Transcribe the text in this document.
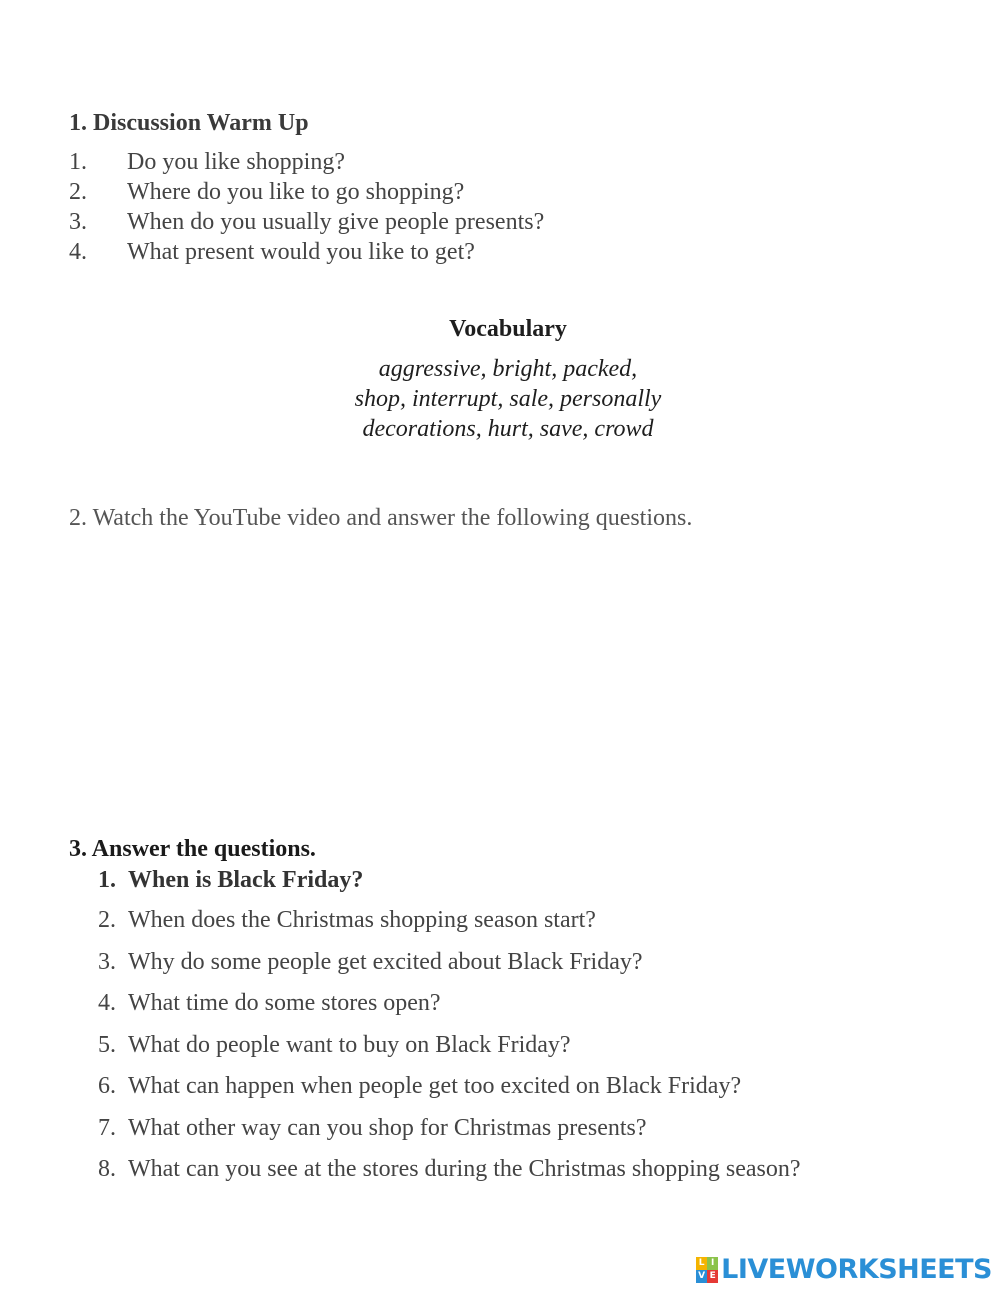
1. Discussion Warm Up
1. Do you like shopping?
2. Where do you like to go shopping?
3. When do you usually give people presents?
4. What present would you like to get?
Vocabulary
aggressive, bright, packed,
shop, interrupt, sale, personally
decorations, hurt, save, crowd
2. Watch the YouTube video and answer the following questions.
3. Answer the questions.
1. When is Black Friday?
2. When does the Christmas shopping season start?
3. Why do some people get excited about Black Friday?
4. What time do some stores open?
5. What do people want to buy on Black Friday?
6. What can happen when people get too excited on Black Friday?
7. What other way can you shop for Christmas presents?
8. What can you see at the stores during the Christmas shopping season?
L I
V E LIVEWORKSHEETS
